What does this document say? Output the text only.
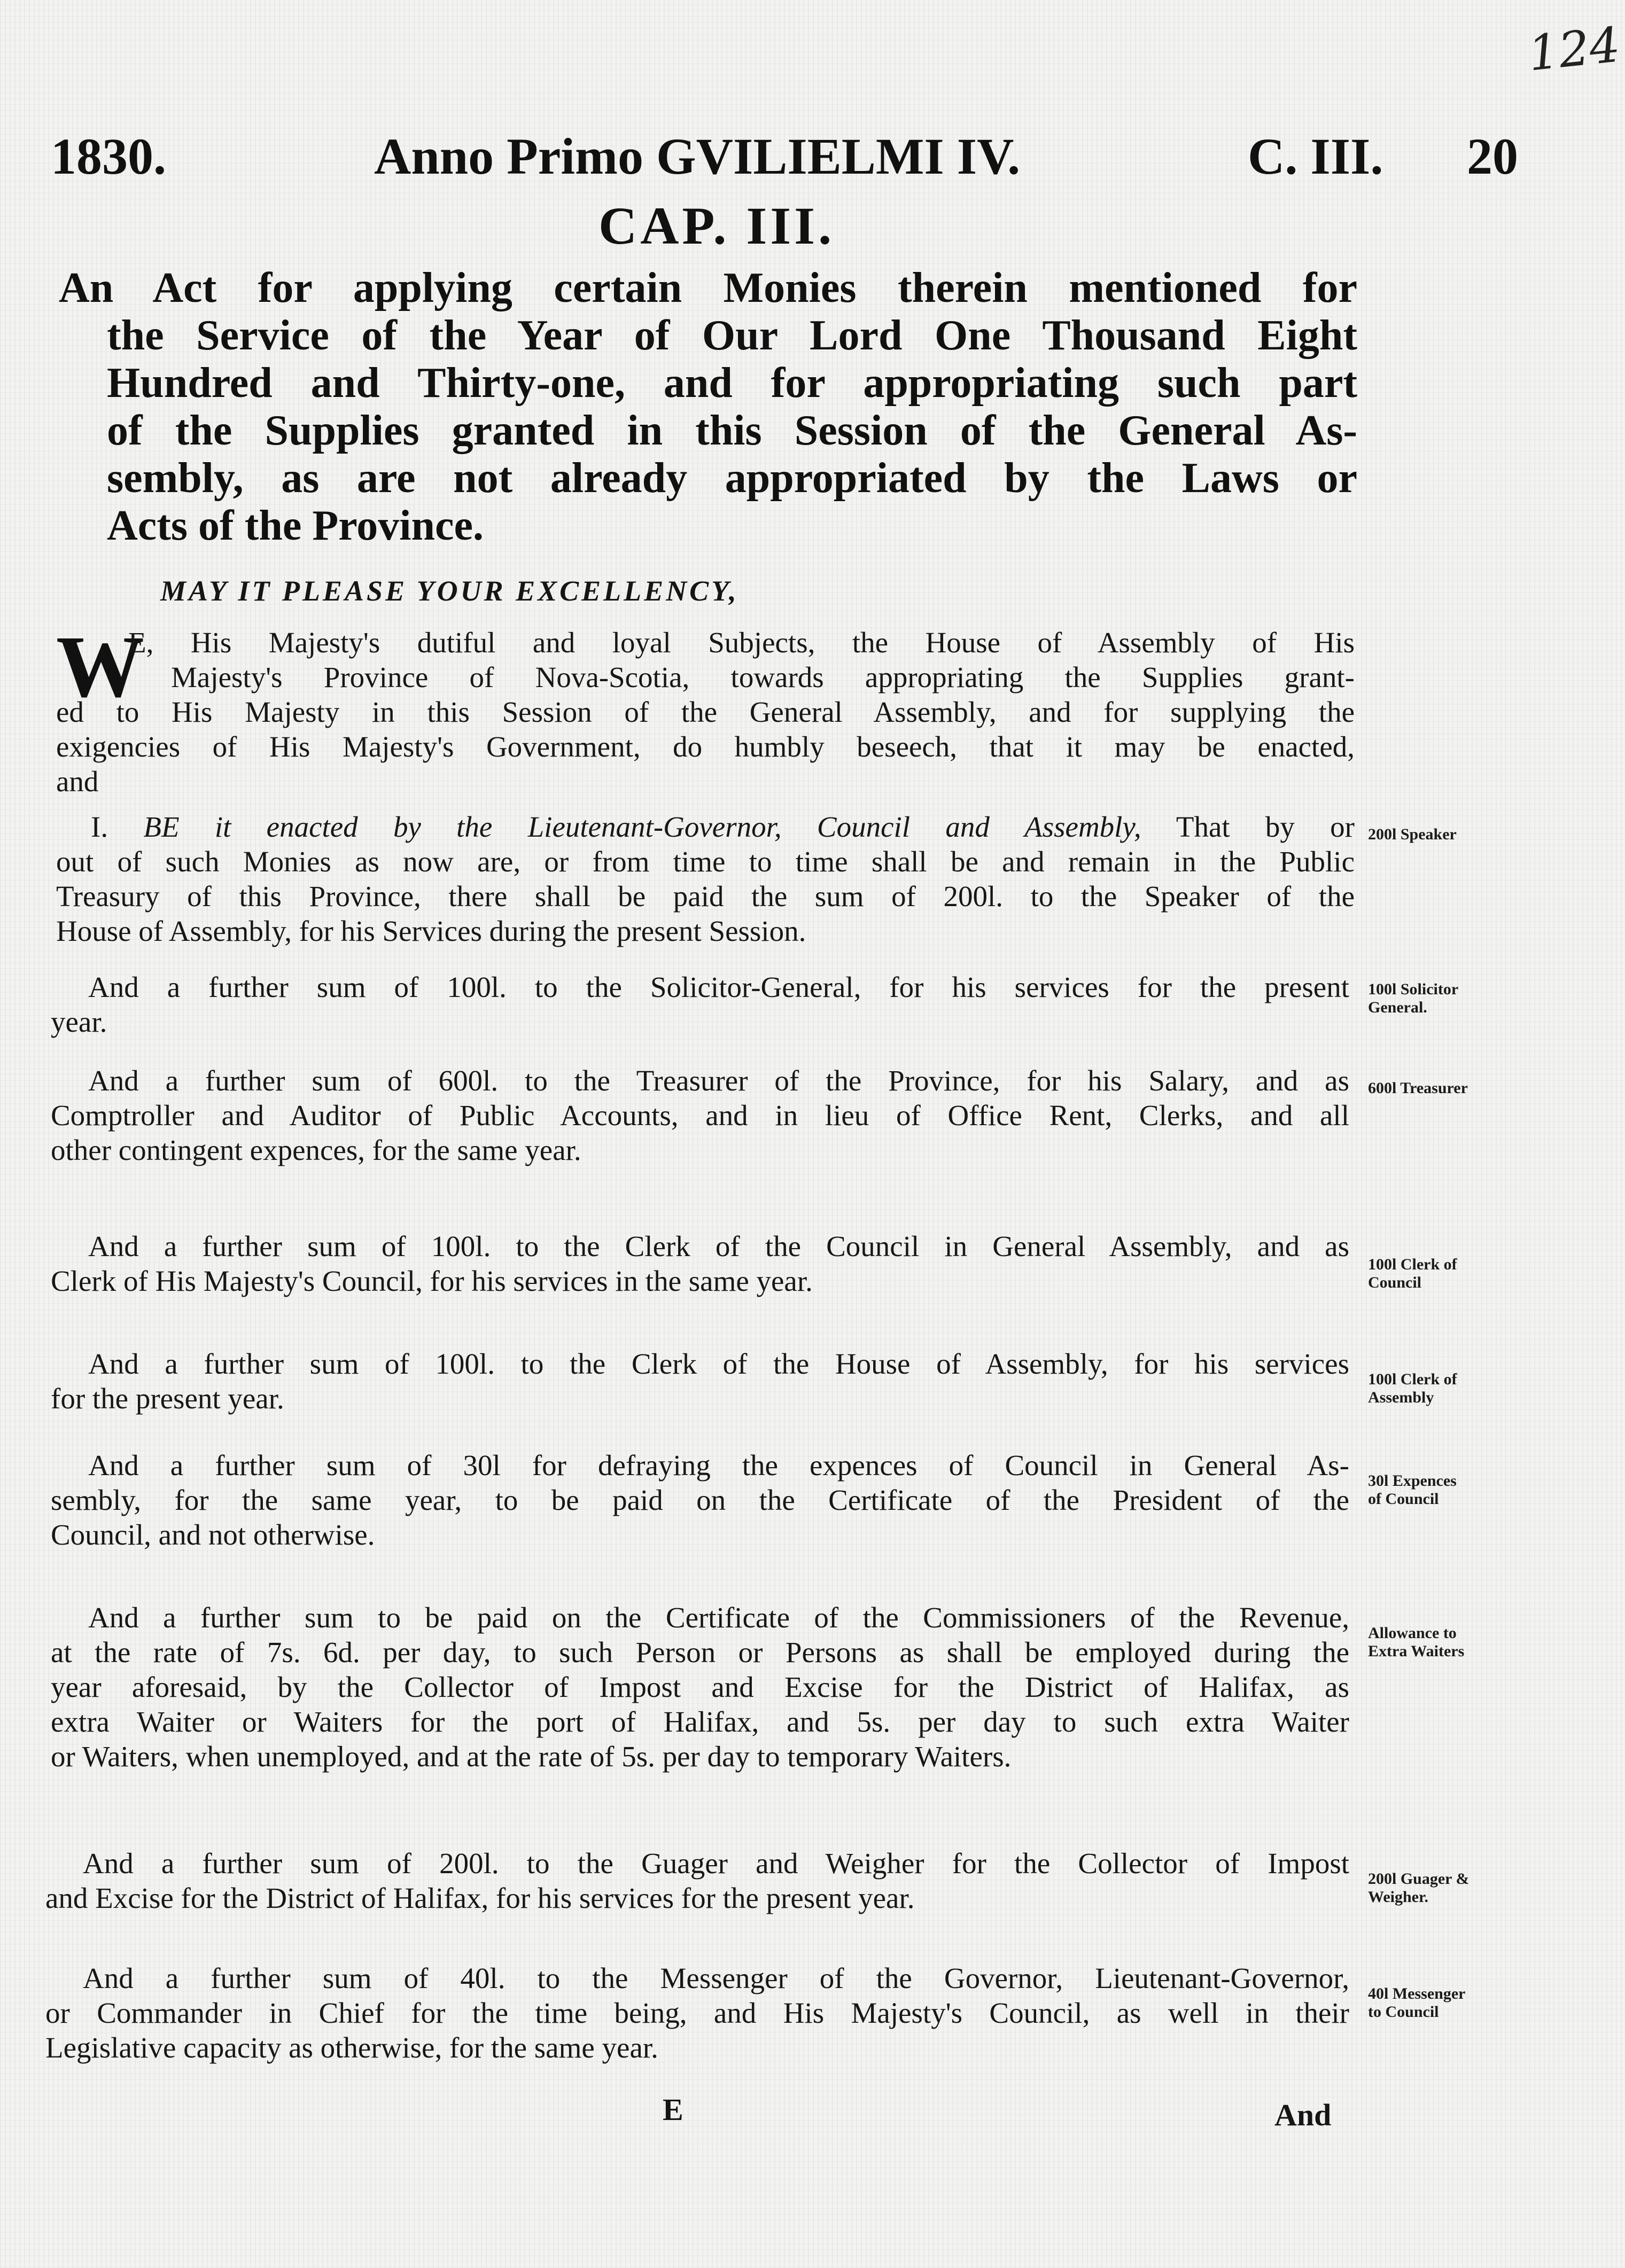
1830.	Anno Primo GVILIELMI IV.	C. III. 20
124
CAP. III.
An Act for applying certain Monies therein mentioned for
the Service of the Year of Our Lord One Thousand Eight
Hundred and Thirty-one, and for appropriating such part
of the Supplies granted in this Session of the General As-
sembly, as are not already appropriated by the Laws or
Acts of the Province.
MAY IT PLEASE YOUR EXCELLENCY,
W
E, His Majesty's dutiful and loyal Subjects, the House of Assembly of His
Majesty's Province of Nova-Scotia, towards appropriating the Supplies grant-
ed to His Majesty in this Session of the General Assembly, and for supplying the
exigencies of His Majesty's Government, do humbly beseech, that it may be enacted,
and
I. BE it enacted by the Lieutenant-Governor, Council and Assembly, That by or
out of such Monies as now are, or from time to time shall be and remain in the Public
Treasury of this Province, there shall be paid the sum of 200l. to the Speaker of the
House of Assembly, for his Services during the present Session.
200l Speaker
And a further sum of 100l. to the Solicitor-General, for his services for the present
year.
100l Solicitor
General.
And a further sum of 600l. to the Treasurer of the Province, for his Salary, and as
Comptroller and Auditor of Public Accounts, and in lieu of Office Rent, Clerks, and all
other contingent expences, for the same year.
600l Treasurer
And a further sum of 100l. to the Clerk of the Council in General Assembly, and as
Clerk of His Majesty's Council, for his services in the same year.
100l Clerk of
Council
And a further sum of 100l. to the Clerk of the House of Assembly, for his services
for the present year.
100l Clerk of
Assembly
And a further sum of 30l for defraying the expences of Council in General As-
sembly, for the same year, to be paid on the Certificate of the President of the
Council, and not otherwise.
30l Expences
of Council
And a further sum to be paid on the Certificate of the Commissioners of the Revenue,
at the rate of 7s. 6d. per day, to such Person or Persons as shall be employed during the
year aforesaid, by the Collector of Impost and Excise for the District of Halifax, as
extra Waiter or Waiters for the port of Halifax, and 5s. per day to such extra Waiter
or Waiters, when unemployed, and at the rate of 5s. per day to temporary Waiters.
Allowance to
Extra Waiters
And a further sum of 200l. to the Guager and Weigher for the Collector of Impost
and Excise for the District of Halifax, for his services for the present year.
200l Guager &
Weigher.
And a further sum of 40l. to the Messenger of the Governor, Lieutenant-Governor,
or Commander in Chief for the time being, and His Majesty's Council, as well in their
Legislative capacity as otherwise, for the same year.
40l Messenger
to Council
E	And
